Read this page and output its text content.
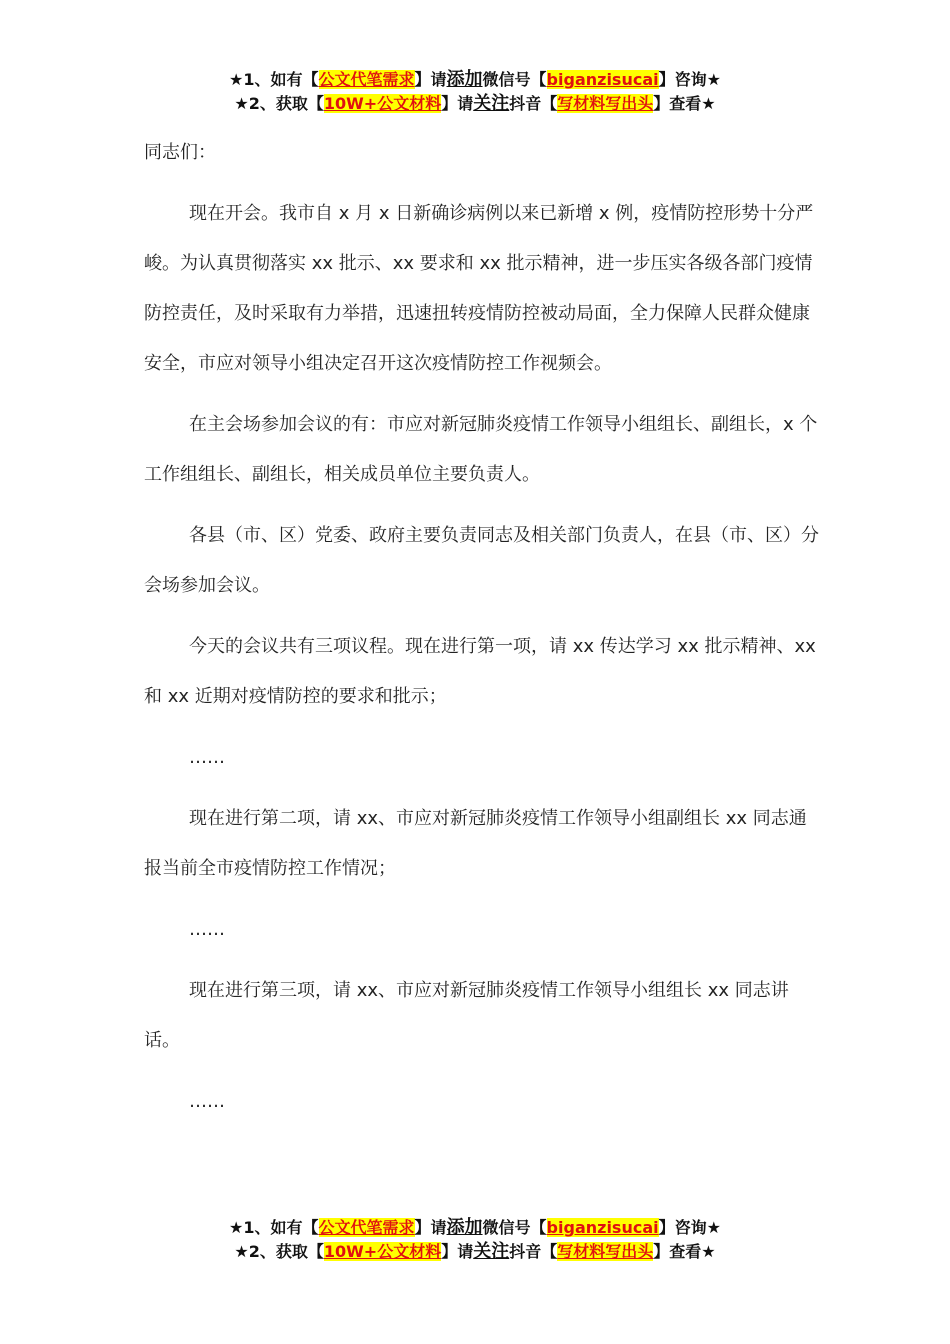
★1、如有【公文代笔需求】请添加微信号【biganzisucai】咨询★
★2、获取【10W+公文材料】请关注抖音【写材料写出头】查看★

同志们：

现在开会。我市自 x 月 x 日新确诊病例以来已新增 x 例，疫情防控形势十分严峻。为认真贯彻落实 xx 批示、xx 要求和 xx 批示精神，进一步压实各级各部门疫情防控责任，及时采取有力举措，迅速扭转疫情防控被动局面，全力保障人民群众健康安全，市应对领导小组决定召开这次疫情防控工作视频会。

在主会场参加会议的有：市应对新冠肺炎疫情工作领导小组组长、副组长，x 个工作组组长、副组长，相关成员单位主要负责人。

各县（市、区）党委、政府主要负责同志及相关部门负责人，在县（市、区）分会场参加会议。

今天的会议共有三项议程。现在进行第一项，请 xx 传达学习 xx 批示精神、xx 和 xx 近期对疫情防控的要求和批示；

……

现在进行第二项，请 xx、市应对新冠肺炎疫情工作领导小组副组长 xx 同志通报当前全市疫情防控工作情况；

……

现在进行第三项，请 xx、市应对新冠肺炎疫情工作领导小组组长 xx 同志讲话。

……

★1、如有【公文代笔需求】请添加微信号【biganzisucai】咨询★
★2、获取【10W+公文材料】请关注抖音【写材料写出头】查看★
